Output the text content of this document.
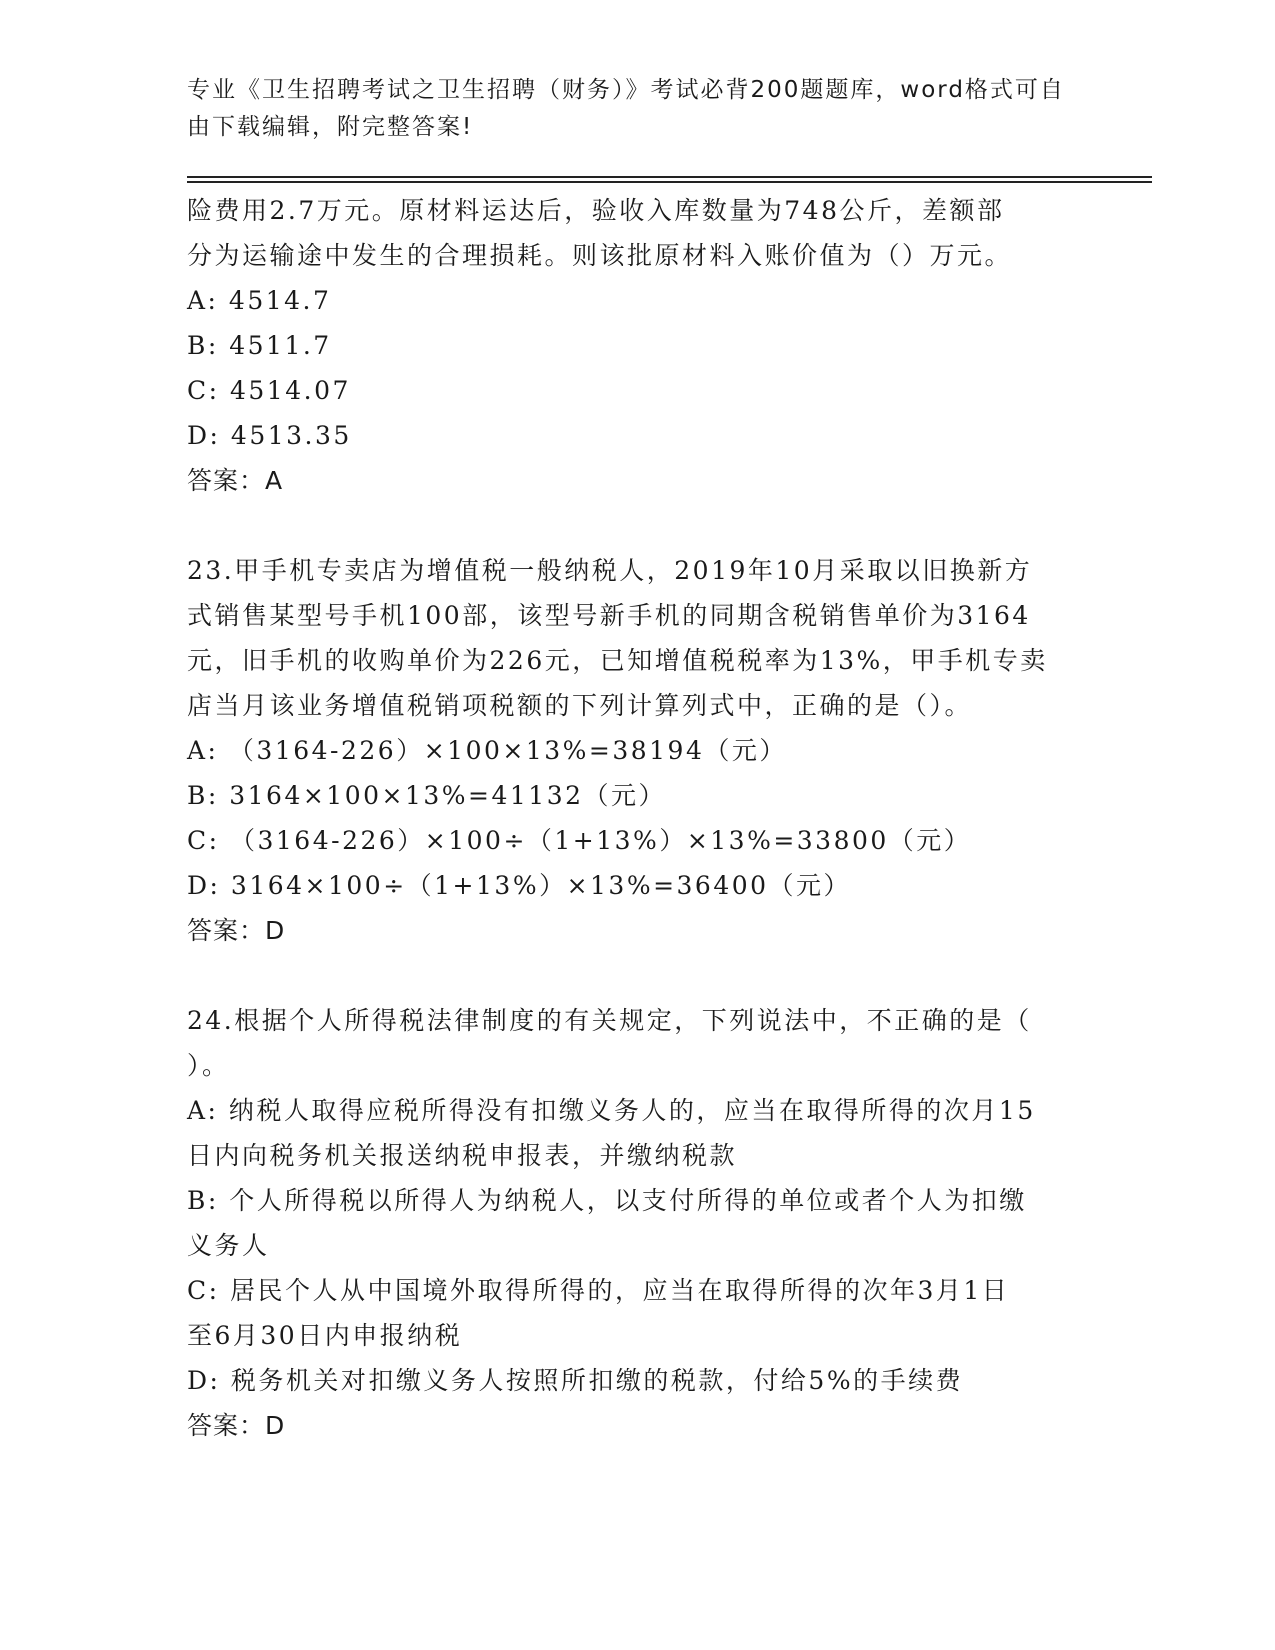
专业《卫生招聘考试之卫生招聘（财务）》考试必背200题题库，word格式可自
由下载编辑，附完整答案!
险费用2.7万元。原材料运达后，验收入库数量为748公斤，差额部
分为运输途中发生的合理损耗。则该批原材料入账价值为（）万元。
A: 4514.7
B: 4511.7
C: 4514.07
D: 4513.35
答案：A
23.甲手机专卖店为增值税一般纳税人，2019年10月采取以旧换新方
式销售某型号手机100部，该型号新手机的同期含税销售单价为3164
元，旧手机的收购单价为226元，已知增值税税率为13%，甲手机专卖
店当月该业务增值税销项税额的下列计算列式中，正确的是（）。
A: （3164-226）×100×13%=38194（元）
B: 3164×100×13%=41132（元）
C: （3164-226）×100÷（1+13%）×13%=33800（元）
D: 3164×100÷（1+13%）×13%=36400（元）
答案：D
24.根据个人所得税法律制度的有关规定，下列说法中，不正确的是（
）。
A: 纳税人取得应税所得没有扣缴义务人的，应当在取得所得的次月15
日内向税务机关报送纳税申报表，并缴纳税款
B: 个人所得税以所得人为纳税人，以支付所得的单位或者个人为扣缴
义务人
C: 居民个人从中国境外取得所得的，应当在取得所得的次年3月1日
至6月30日内申报纳税
D: 税务机关对扣缴义务人按照所扣缴的税款，付给5%的手续费
答案：D
